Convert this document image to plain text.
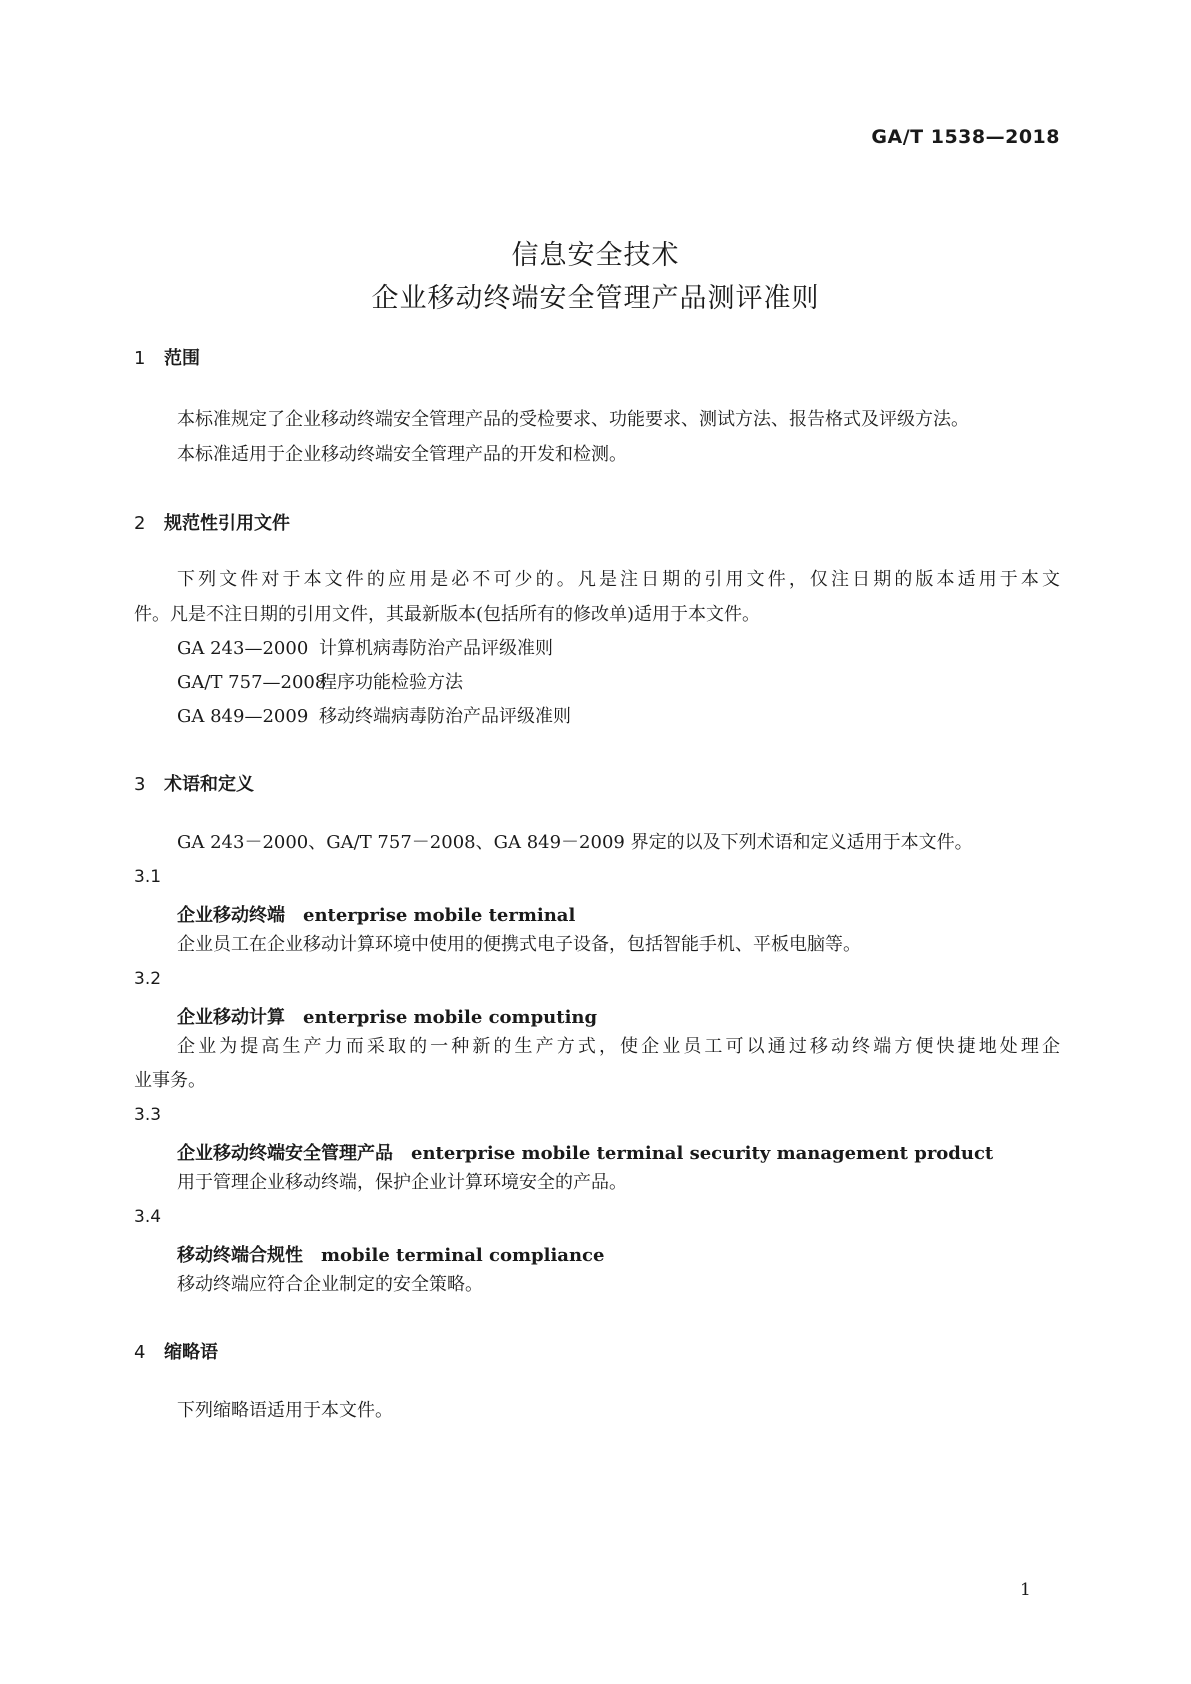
GA/T 1538—2018
信息安全技术
企业移动终端安全管理产品测评准则
1 范围
本标准规定了企业移动终端安全管理产品的受检要求、功能要求、测试方法、报告格式及评级方法。
本标准适用于企业移动终端安全管理产品的开发和检测。
2 规范性引用文件
下列文件对于本文件的应用是必不可少的。凡是注日期的引用文件，仅注日期的版本适用于本文
件。凡是不注日期的引用文件，其最新版本(包括所有的修改单)适用于本文件。
GA 243—2000 计算机病毒防治产品评级准则
GA/T 757—2008程序功能检验方法
GA 849—2009 移动终端病毒防治产品评级准则
3 术语和定义
GA 243－2000、GA/T 757－2008、GA 849－2009 界定的以及下列术语和定义适用于本文件。
3.1
企业移动终端 enterprise mobile terminal
企业员工在企业移动计算环境中使用的便携式电子设备，包括智能手机、平板电脑等。
3.2
企业移动计算 enterprise mobile computing
企业为提高生产力而采取的一种新的生产方式，使企业员工可以通过移动终端方便快捷地处理企
业事务。
3.3
企业移动终端安全管理产品 enterprise mobile terminal security management product
用于管理企业移动终端，保护企业计算环境安全的产品。
3.4
移动终端合规性 mobile terminal compliance
移动终端应符合企业制定的安全策略。
4 缩略语
下列缩略语适用于本文件。
1
